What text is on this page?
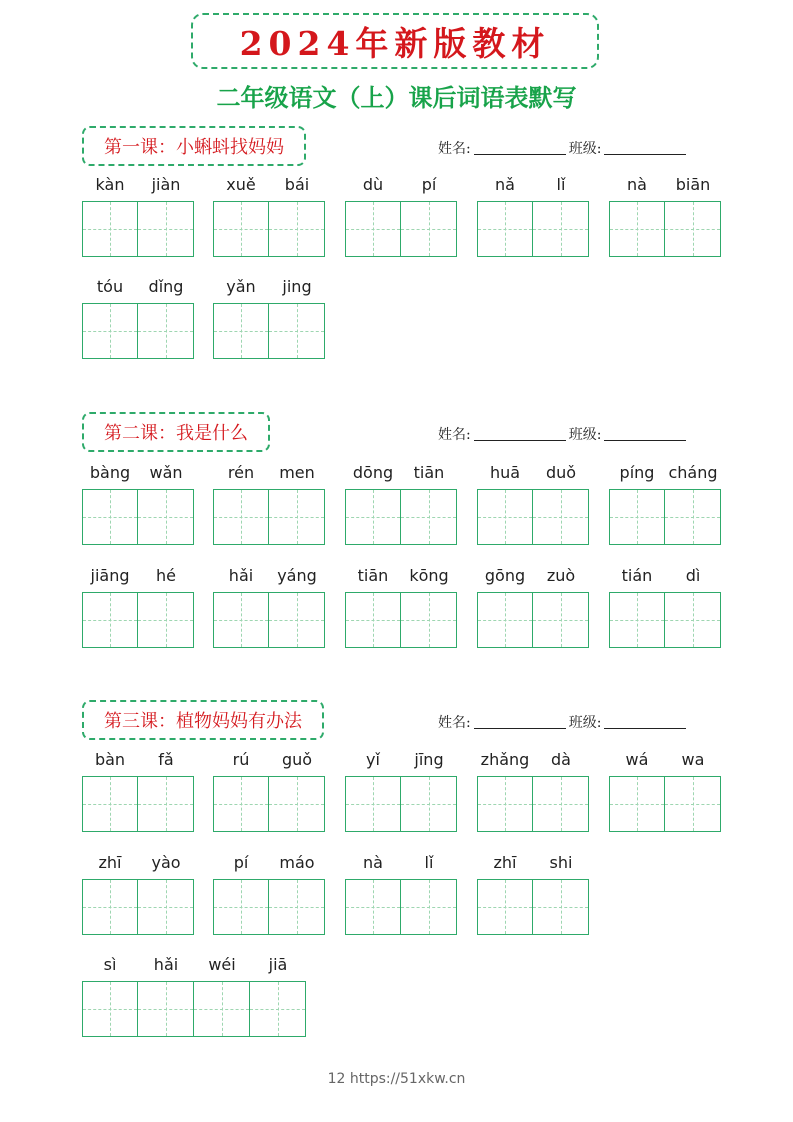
2024年新版教材
二年级语文（上）课后词语表默写
第一课：小蝌蚪找妈妈	姓名:	班级:
kàn	jiàn	xuě	bái	dù	pí	nǎ	lǐ	nà	biān
tóu	dǐng	yǎn	jing
第二课：我是什么	姓名:	班级:
bàng	wǎn	rén	men	dōng	tiān	huā	duǒ	píng cháng
jiāng	hé	hǎi	yáng	tiān	kōng	gōng	zuò	tián	dì
第三课：植物妈妈有办法	姓名:	班级:
bàn	fǎ	rú	guǒ	yǐ	jīng	zhǎng	dà	wá	wa
zhī	yào	pí	máo	nà	lǐ	zhī	shi
sì	hǎi	wéi	jiā
12 https://51xkw.cn
